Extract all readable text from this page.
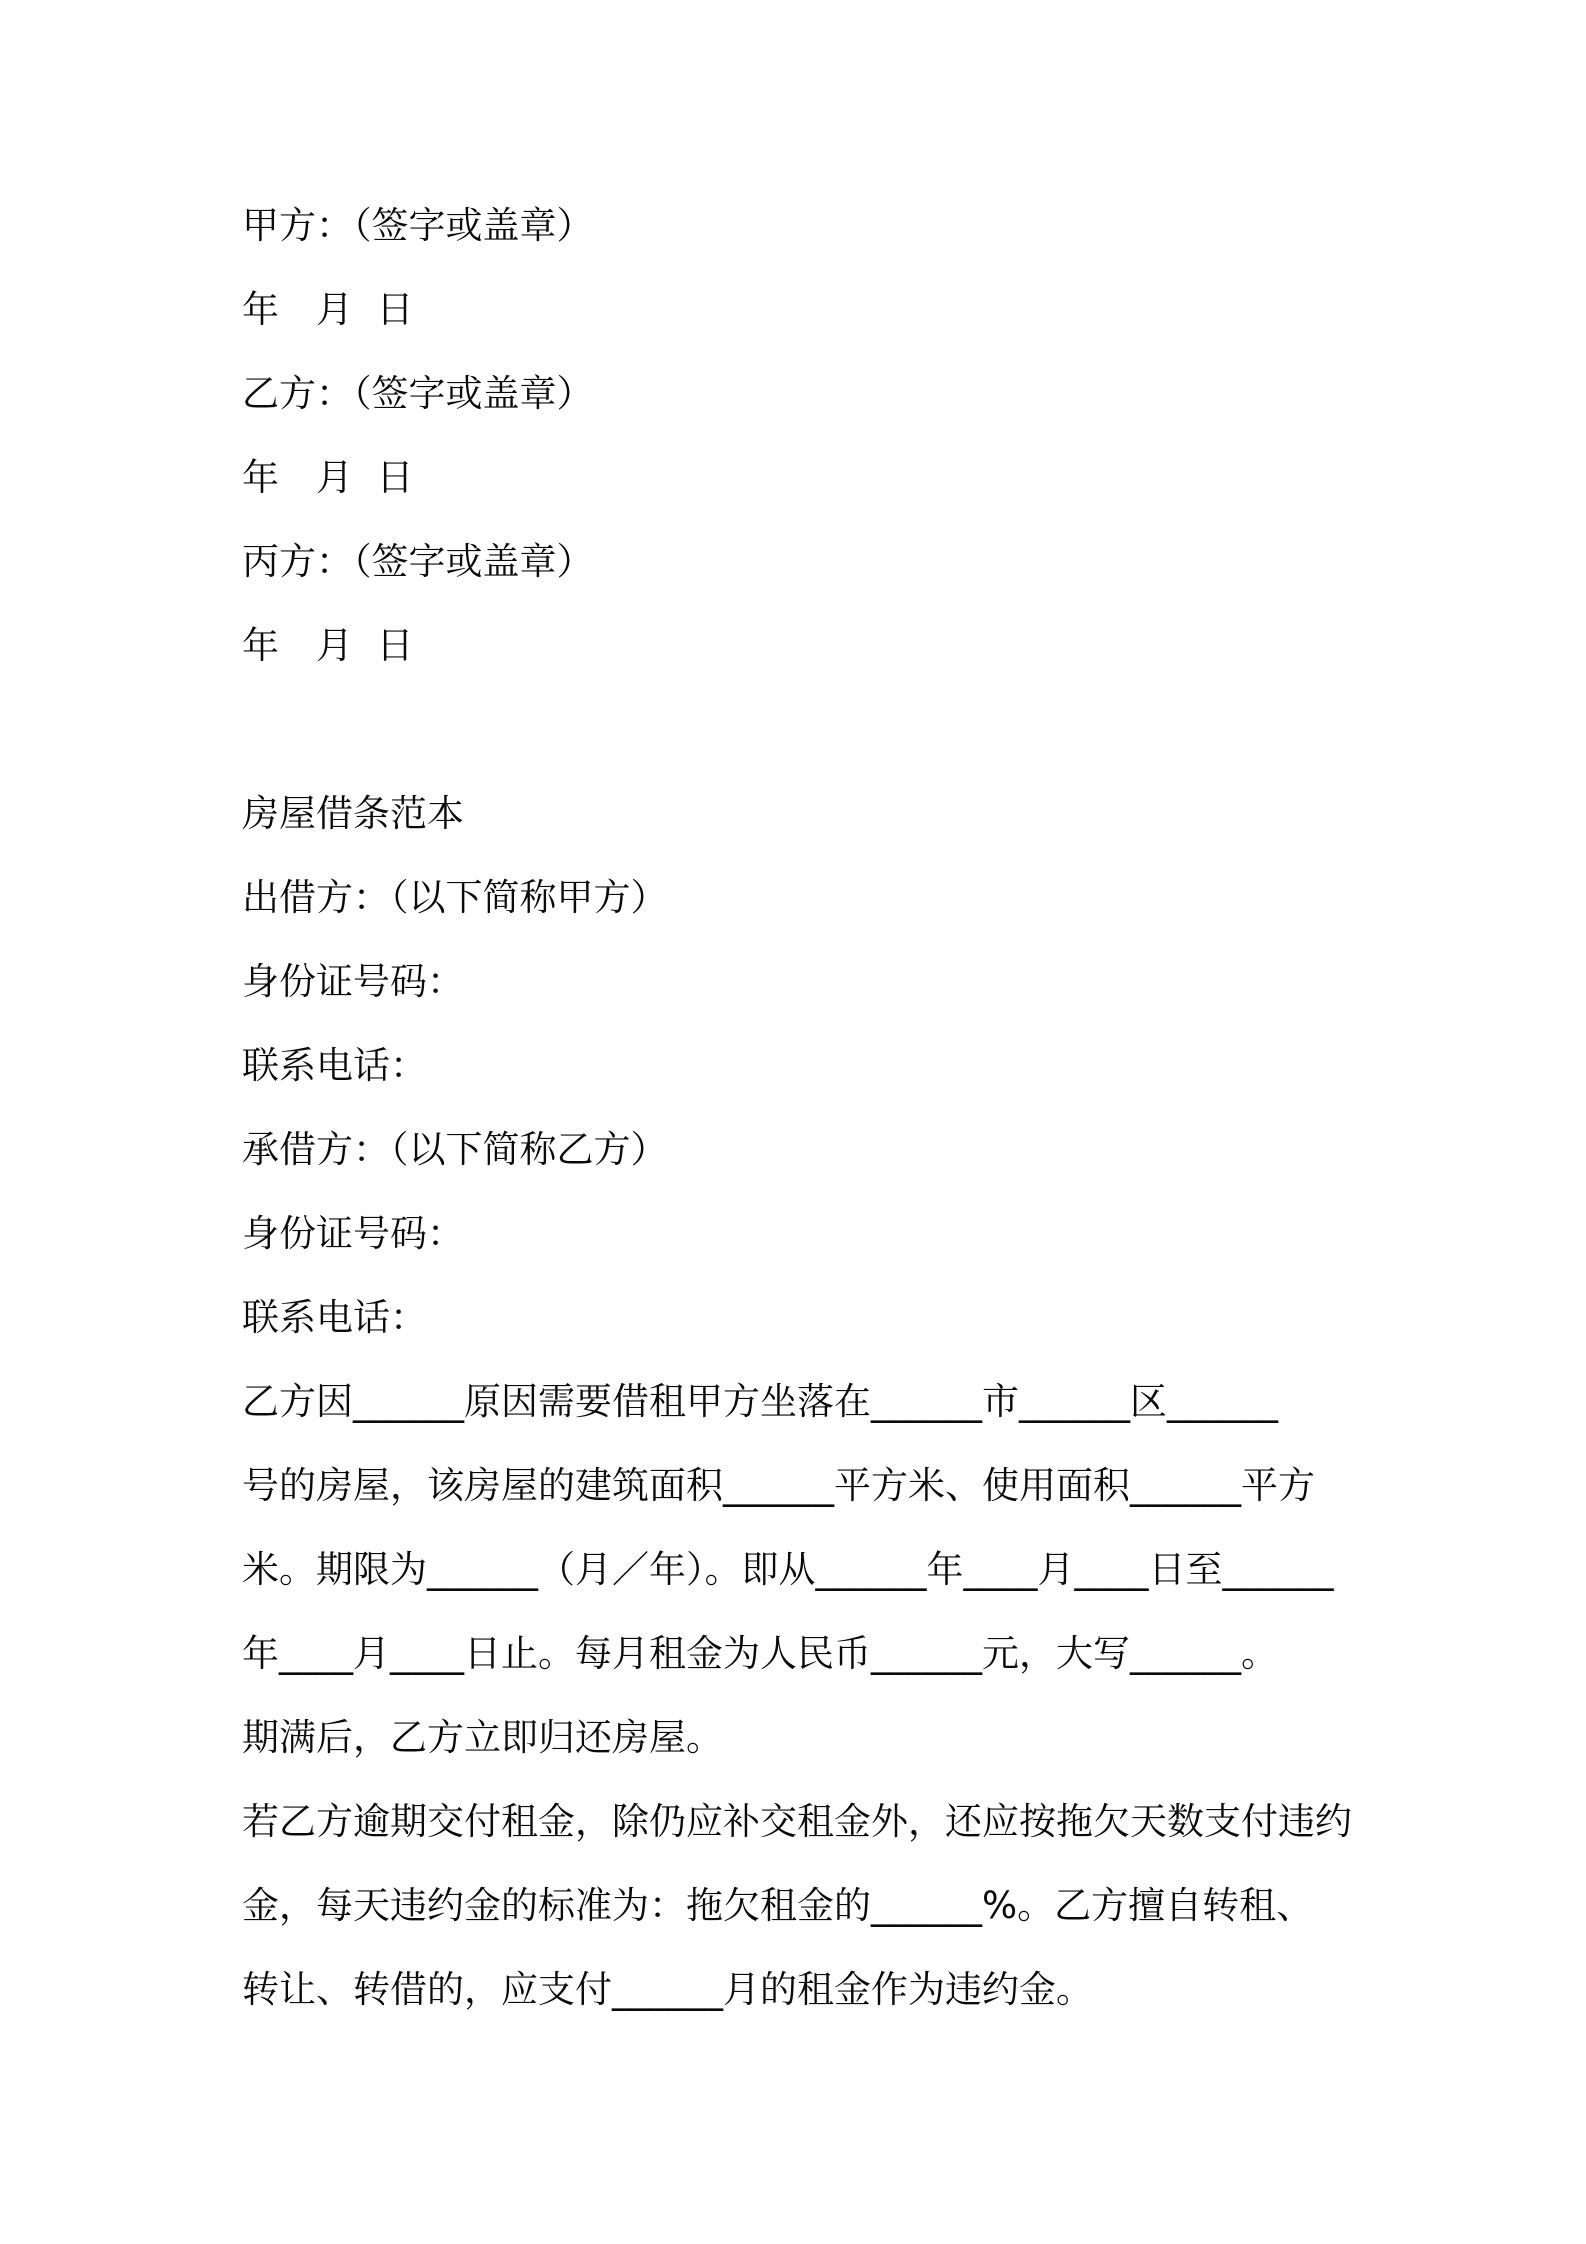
甲方：（签字或盖章）
年　月  日
乙方：（签字或盖章）
年　月  日
丙方：（签字或盖章）
年　月  日
房屋借条范本
出借方：（以下简称甲方）
身份证号码：
联系电话：
承借方：（以下简称乙方）
身份证号码：
联系电话：
乙方因______原因需要借租甲方坐落在______市______区______
号的房屋，该房屋的建筑面积______平方米、使用面积______平方
米。期限为______（月／年）。即从______年____月____日至______
年____月____日止。每月租金为人民币______元，大写______。
期满后，乙方立即归还房屋。
若乙方逾期交付租金，除仍应补交租金外，还应按拖欠天数支付违约
金，每天违约金的标准为：拖欠租金的______%。乙方擅自转租、
转让、转借的，应支付______月的租金作为违约金。
